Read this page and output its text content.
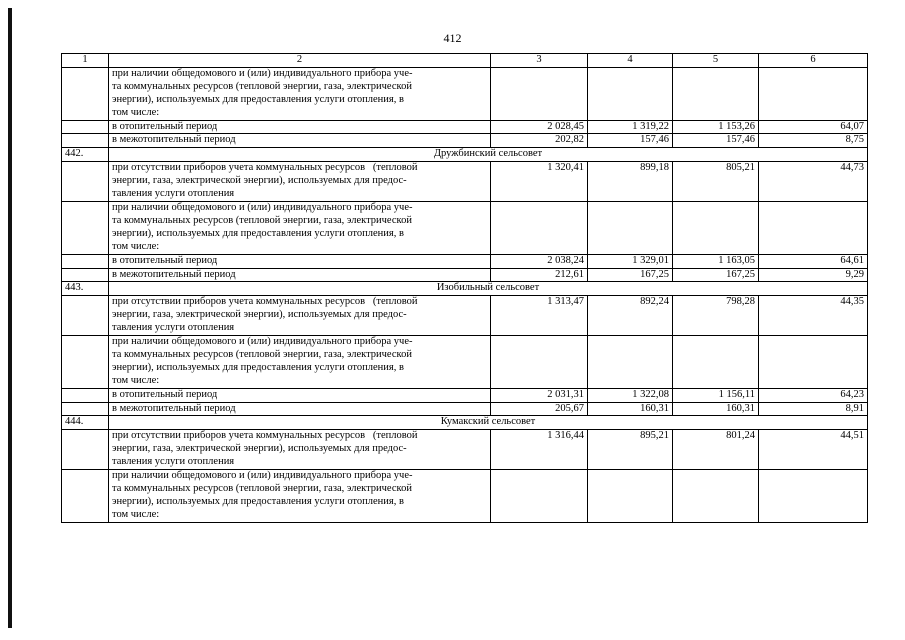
412
1	2	3	4	5	6
	при наличии общедомового и (или) индивидуального прибора уче-
та коммунальных ресурсов (тепловой энергии, газа, электрической
энергии), используемых для предоставления услуги отопления, в
том числе:				
	в отопительный период	2 028,45	1 319,22	1 153,26	64,07
	в межотопительный период	202,82	157,46	157,46	8,75
442.	Дружбинский сельсовет				
	при отсутствии приборов учета коммунальных ресурсов   (тепловой
энергии, газа, электрической энергии), используемых для предос-
тавления услуги отопления	1 320,41	899,18	805,21	44,73
	при наличии общедомового и (или) индивидуального прибора уче-
та коммунальных ресурсов (тепловой энергии, газа, электрической
энергии), используемых для предоставления услуги отопления, в
том числе:				
	в отопительный период	2 038,24	1 329,01	1 163,05	64,61
	в межотопительный период	212,61	167,25	167,25	9,29
443.	Изобильный сельсовет				
	при отсутствии приборов учета коммунальных ресурсов   (тепловой
энергии, газа, электрической энергии), используемых для предос-
тавления услуги отопления	1 313,47	892,24	798,28	44,35
	при наличии общедомового и (или) индивидуального прибора уче-
та коммунальных ресурсов (тепловой энергии, газа, электрической
энергии), используемых для предоставления услуги отопления, в
том числе:				
	в отопительный период	2 031,31	1 322,08	1 156,11	64,23
	в межотопительный период	205,67	160,31	160,31	8,91
444.	Кумакский сельсовет				
	при отсутствии приборов учета коммунальных ресурсов   (тепловой
энергии, газа, электрической энергии), используемых для предос-
тавления услуги отопления	1 316,44	895,21	801,24	44,51
	при наличии общедомового и (или) индивидуального прибора уче-
та коммунальных ресурсов (тепловой энергии, газа, электрической
энергии), используемых для предоставления услуги отопления, в
том числе:				
